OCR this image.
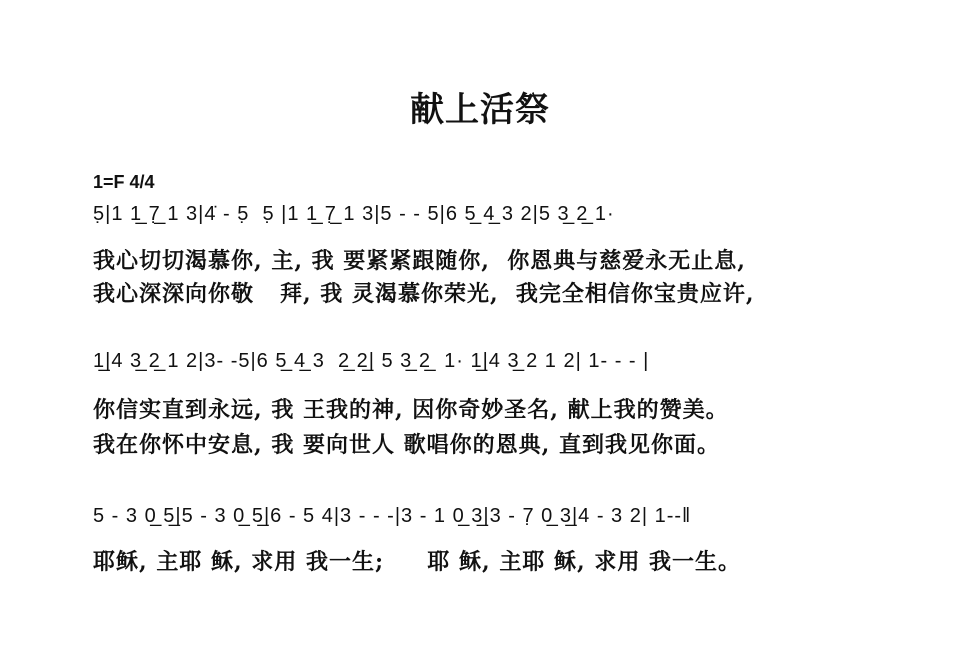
献上活祭
1=F 4/4
5̣|1 1̲ 7̲̣ 1 3|4̇ - 5̣  5̣ |1 1̲ 7̲̣ 1 3|5 - - 5|6 5̲ 4̲ 3 2|5 3̲ 2̲ 1·
我心切切渴慕你, 主, 我 要紧紧跟随你,  你恩典与慈爱永无止息,
我心深深向你敬   拜, 我 灵渴慕你荣光,  我完全相信你宝贵应许,
1̲|4 3̲ 2̲ 1 2|3- -5|6 5̲ 4̲ 3  2̲ 2̲| 5 3̲ 2̲  1· 1̲|4 3̲ 2 1 2| 1- - - |
你信实直到永远, 我 王我的神, 因你奇妙圣名, 献上我的赞美。
我在你怀中安息, 我 要向世人 歌唱你的恩典, 直到我见你面。
5 - 3 0̲ 5̲|5 - 3 0̲ 5̲|6 - 5 4|3 - - -|3 - 1 0̲ 3̲|3 - 7̣ 0̲ 3̲|4 - 3 2| 1--‖
耶稣, 主耶 稣, 求用 我一生;     耶 稣, 主耶 稣, 求用 我一生。
